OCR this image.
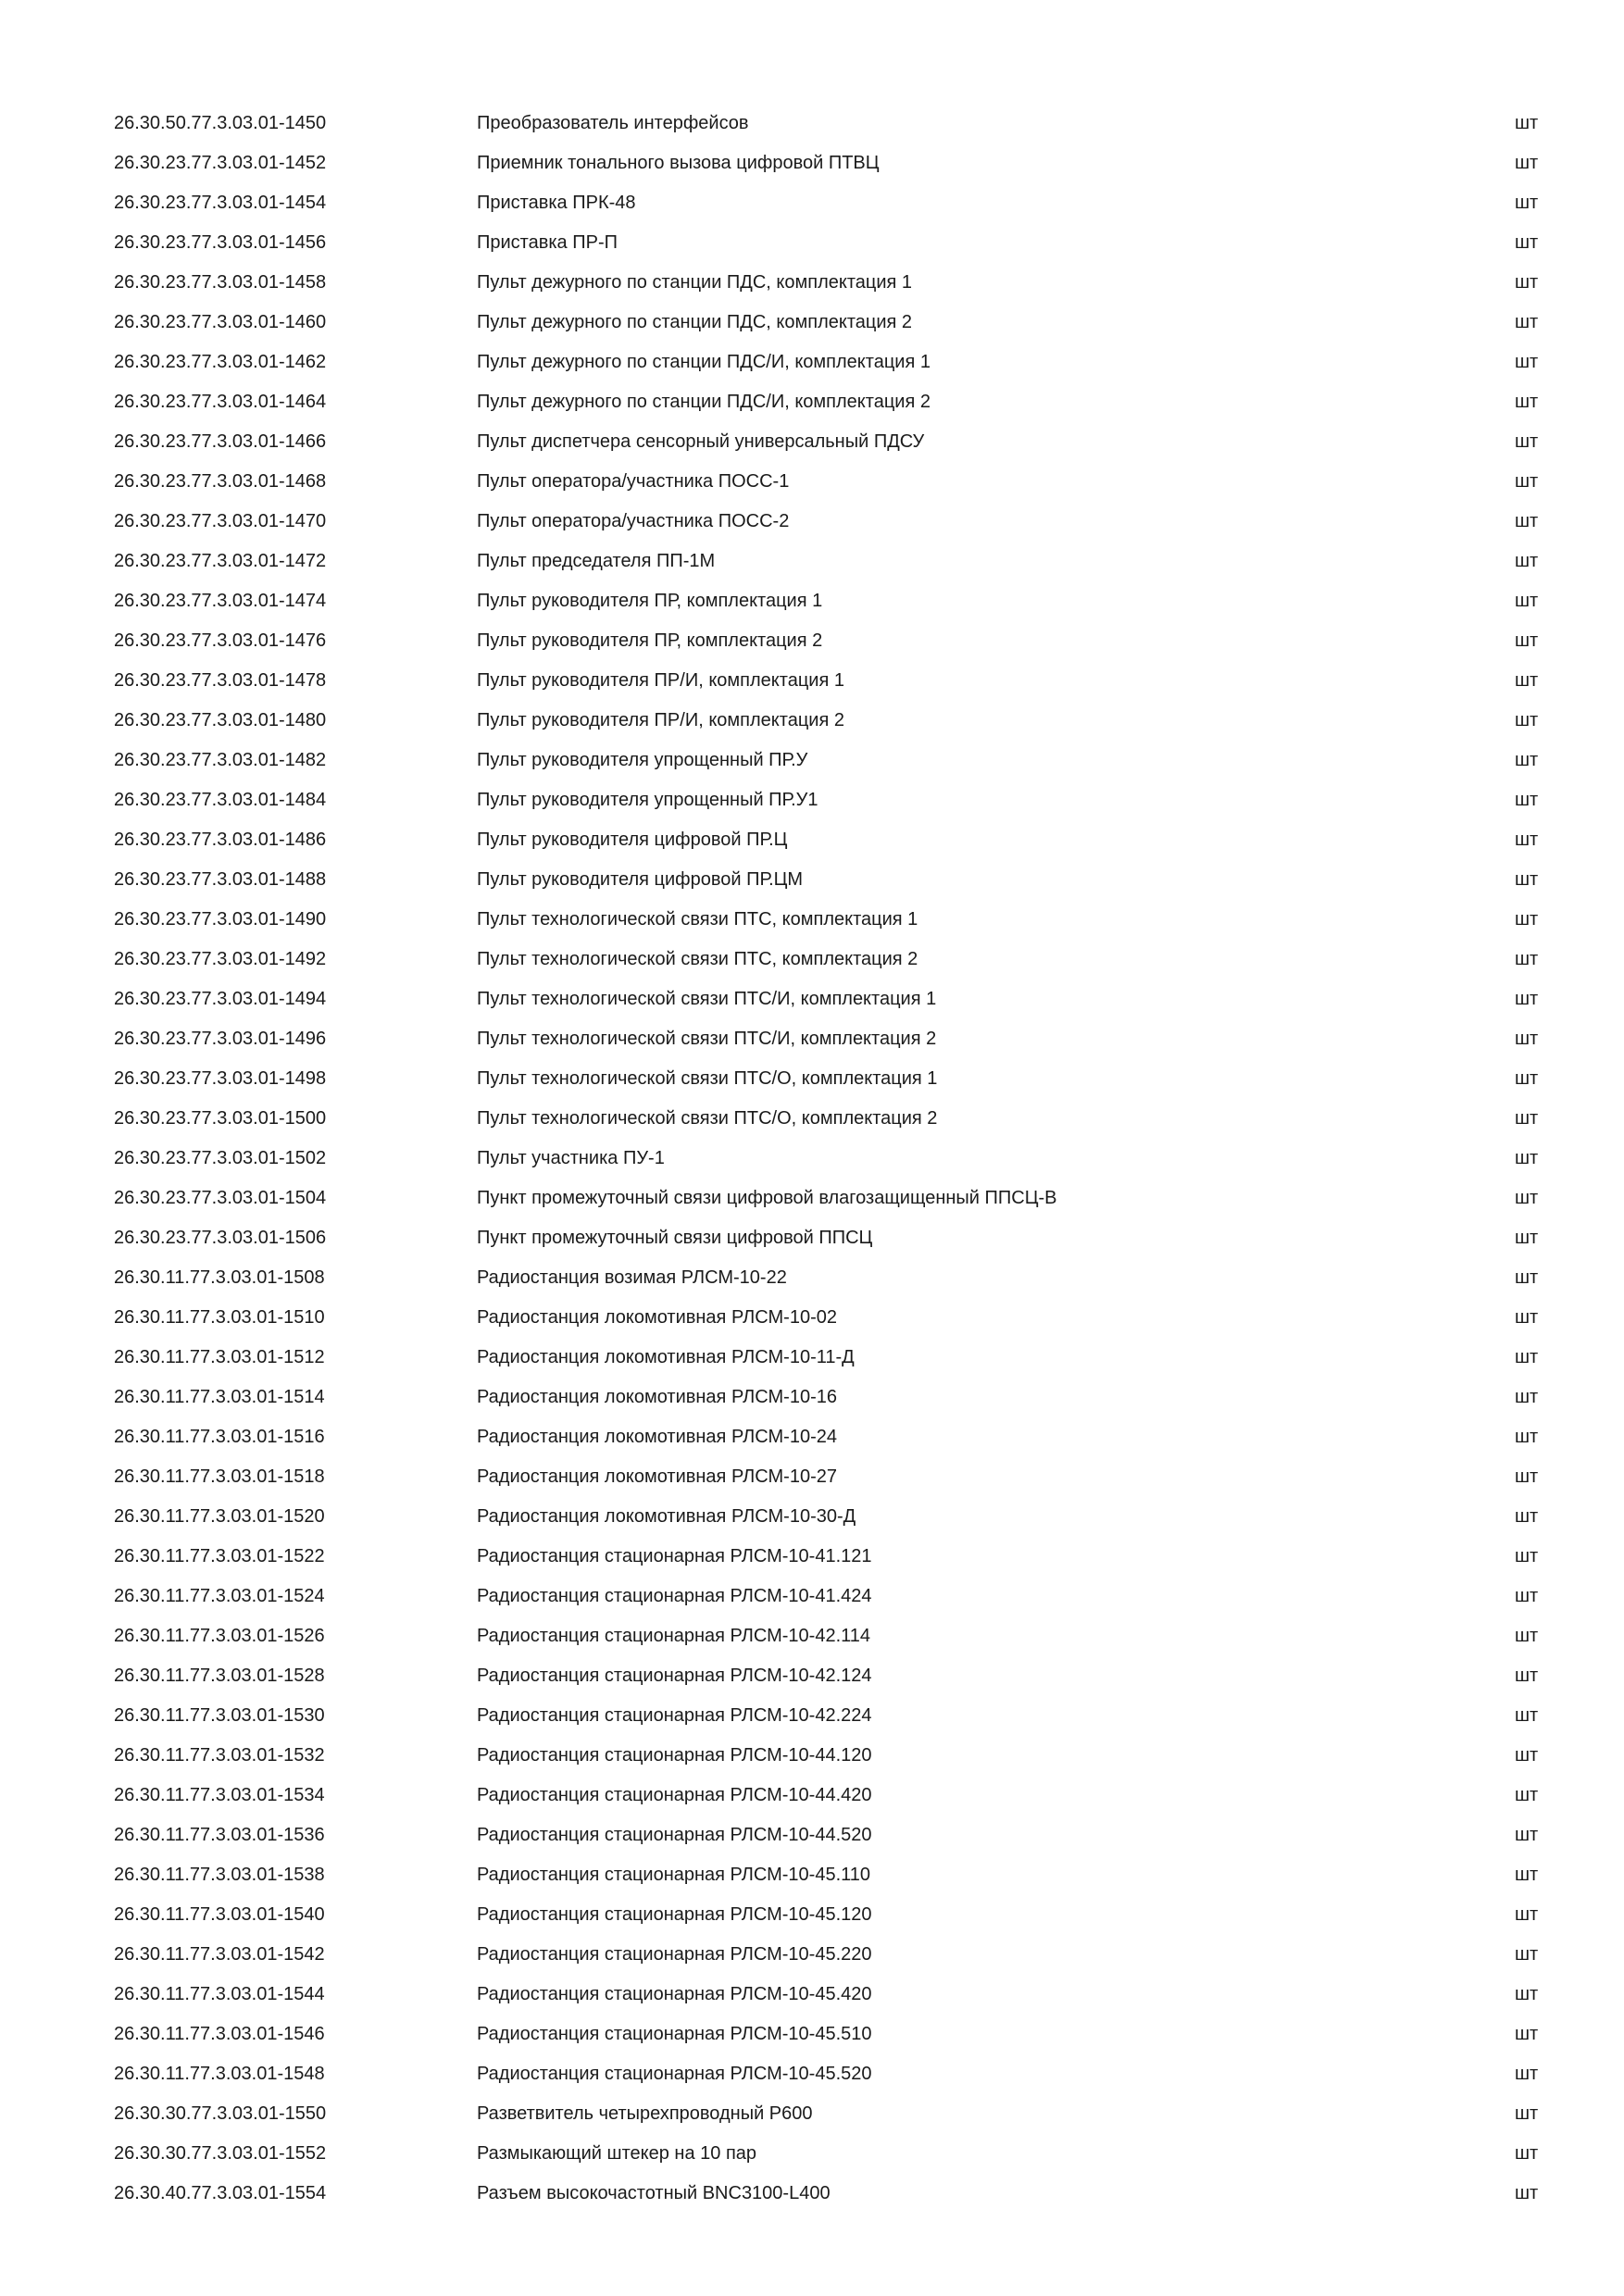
26.30.50.77.3.03.01-1450	Преобразователь интерфейсов	шт
26.30.23.77.3.03.01-1452	Приемник тонального вызова цифровой ПТВЦ	шт
26.30.23.77.3.03.01-1454	Приставка ПРК-48	шт
26.30.23.77.3.03.01-1456	Приставка ПР-П	шт
26.30.23.77.3.03.01-1458	Пульт дежурного по станции ПДС, комплектация 1	шт
26.30.23.77.3.03.01-1460	Пульт дежурного по станции ПДС, комплектация 2	шт
26.30.23.77.3.03.01-1462	Пульт дежурного по станции ПДС/И, комплектация 1	шт
26.30.23.77.3.03.01-1464	Пульт дежурного по станции ПДС/И, комплектация 2	шт
26.30.23.77.3.03.01-1466	Пульт диспетчера сенсорный универсальный ПДСУ	шт
26.30.23.77.3.03.01-1468	Пульт оператора/участника ПОСС-1	шт
26.30.23.77.3.03.01-1470	Пульт оператора/участника ПОСС-2	шт
26.30.23.77.3.03.01-1472	Пульт председателя ПП-1М	шт
26.30.23.77.3.03.01-1474	Пульт руководителя ПР, комплектация 1	шт
26.30.23.77.3.03.01-1476	Пульт руководителя ПР, комплектация 2	шт
26.30.23.77.3.03.01-1478	Пульт руководителя ПР/И, комплектация 1	шт
26.30.23.77.3.03.01-1480	Пульт руководителя ПР/И, комплектация 2	шт
26.30.23.77.3.03.01-1482	Пульт руководителя упрощенный ПР.У	шт
26.30.23.77.3.03.01-1484	Пульт руководителя упрощенный ПР.У1	шт
26.30.23.77.3.03.01-1486	Пульт руководителя цифровой ПР.Ц	шт
26.30.23.77.3.03.01-1488	Пульт руководителя цифровой ПР.ЦМ	шт
26.30.23.77.3.03.01-1490	Пульт технологической связи ПТС, комплектация 1	шт
26.30.23.77.3.03.01-1492	Пульт технологической связи ПТС, комплектация 2	шт
26.30.23.77.3.03.01-1494	Пульт технологической связи ПТС/И, комплектация 1	шт
26.30.23.77.3.03.01-1496	Пульт технологической связи ПТС/И, комплектация 2	шт
26.30.23.77.3.03.01-1498	Пульт технологической связи ПТС/О, комплектация 1	шт
26.30.23.77.3.03.01-1500	Пульт технологической связи ПТС/О, комплектация 2	шт
26.30.23.77.3.03.01-1502	Пульт участника ПУ-1	шт
26.30.23.77.3.03.01-1504	Пункт промежуточный связи цифровой влагозащищенный ППСЦ-В	шт
26.30.23.77.3.03.01-1506	Пункт промежуточный связи цифровой ППСЦ	шт
26.30.11.77.3.03.01-1508	Радиостанция возимая РЛСМ-10-22	шт
26.30.11.77.3.03.01-1510	Радиостанция локомотивная РЛСМ-10-02	шт
26.30.11.77.3.03.01-1512	Радиостанция локомотивная РЛСМ-10-11-Д	шт
26.30.11.77.3.03.01-1514	Радиостанция локомотивная РЛСМ-10-16	шт
26.30.11.77.3.03.01-1516	Радиостанция локомотивная РЛСМ-10-24	шт
26.30.11.77.3.03.01-1518	Радиостанция локомотивная РЛСМ-10-27	шт
26.30.11.77.3.03.01-1520	Радиостанция локомотивная РЛСМ-10-30-Д	шт
26.30.11.77.3.03.01-1522	Радиостанция стационарная РЛСМ-10-41.121	шт
26.30.11.77.3.03.01-1524	Радиостанция стационарная РЛСМ-10-41.424	шт
26.30.11.77.3.03.01-1526	Радиостанция стационарная РЛСМ-10-42.114	шт
26.30.11.77.3.03.01-1528	Радиостанция стационарная РЛСМ-10-42.124	шт
26.30.11.77.3.03.01-1530	Радиостанция стационарная РЛСМ-10-42.224	шт
26.30.11.77.3.03.01-1532	Радиостанция стационарная РЛСМ-10-44.120	шт
26.30.11.77.3.03.01-1534	Радиостанция стационарная РЛСМ-10-44.420	шт
26.30.11.77.3.03.01-1536	Радиостанция стационарная РЛСМ-10-44.520	шт
26.30.11.77.3.03.01-1538	Радиостанция стационарная РЛСМ-10-45.110	шт
26.30.11.77.3.03.01-1540	Радиостанция стационарная РЛСМ-10-45.120	шт
26.30.11.77.3.03.01-1542	Радиостанция стационарная РЛСМ-10-45.220	шт
26.30.11.77.3.03.01-1544	Радиостанция стационарная РЛСМ-10-45.420	шт
26.30.11.77.3.03.01-1546	Радиостанция стационарная РЛСМ-10-45.510	шт
26.30.11.77.3.03.01-1548	Радиостанция стационарная РЛСМ-10-45.520	шт
26.30.30.77.3.03.01-1550	Разветвитель четырехпроводный Р600	шт
26.30.30.77.3.03.01-1552	Размыкающий штекер на 10 пар	шт
26.30.40.77.3.03.01-1554	Разъем высокочастотный BNC3100-L400	шт
